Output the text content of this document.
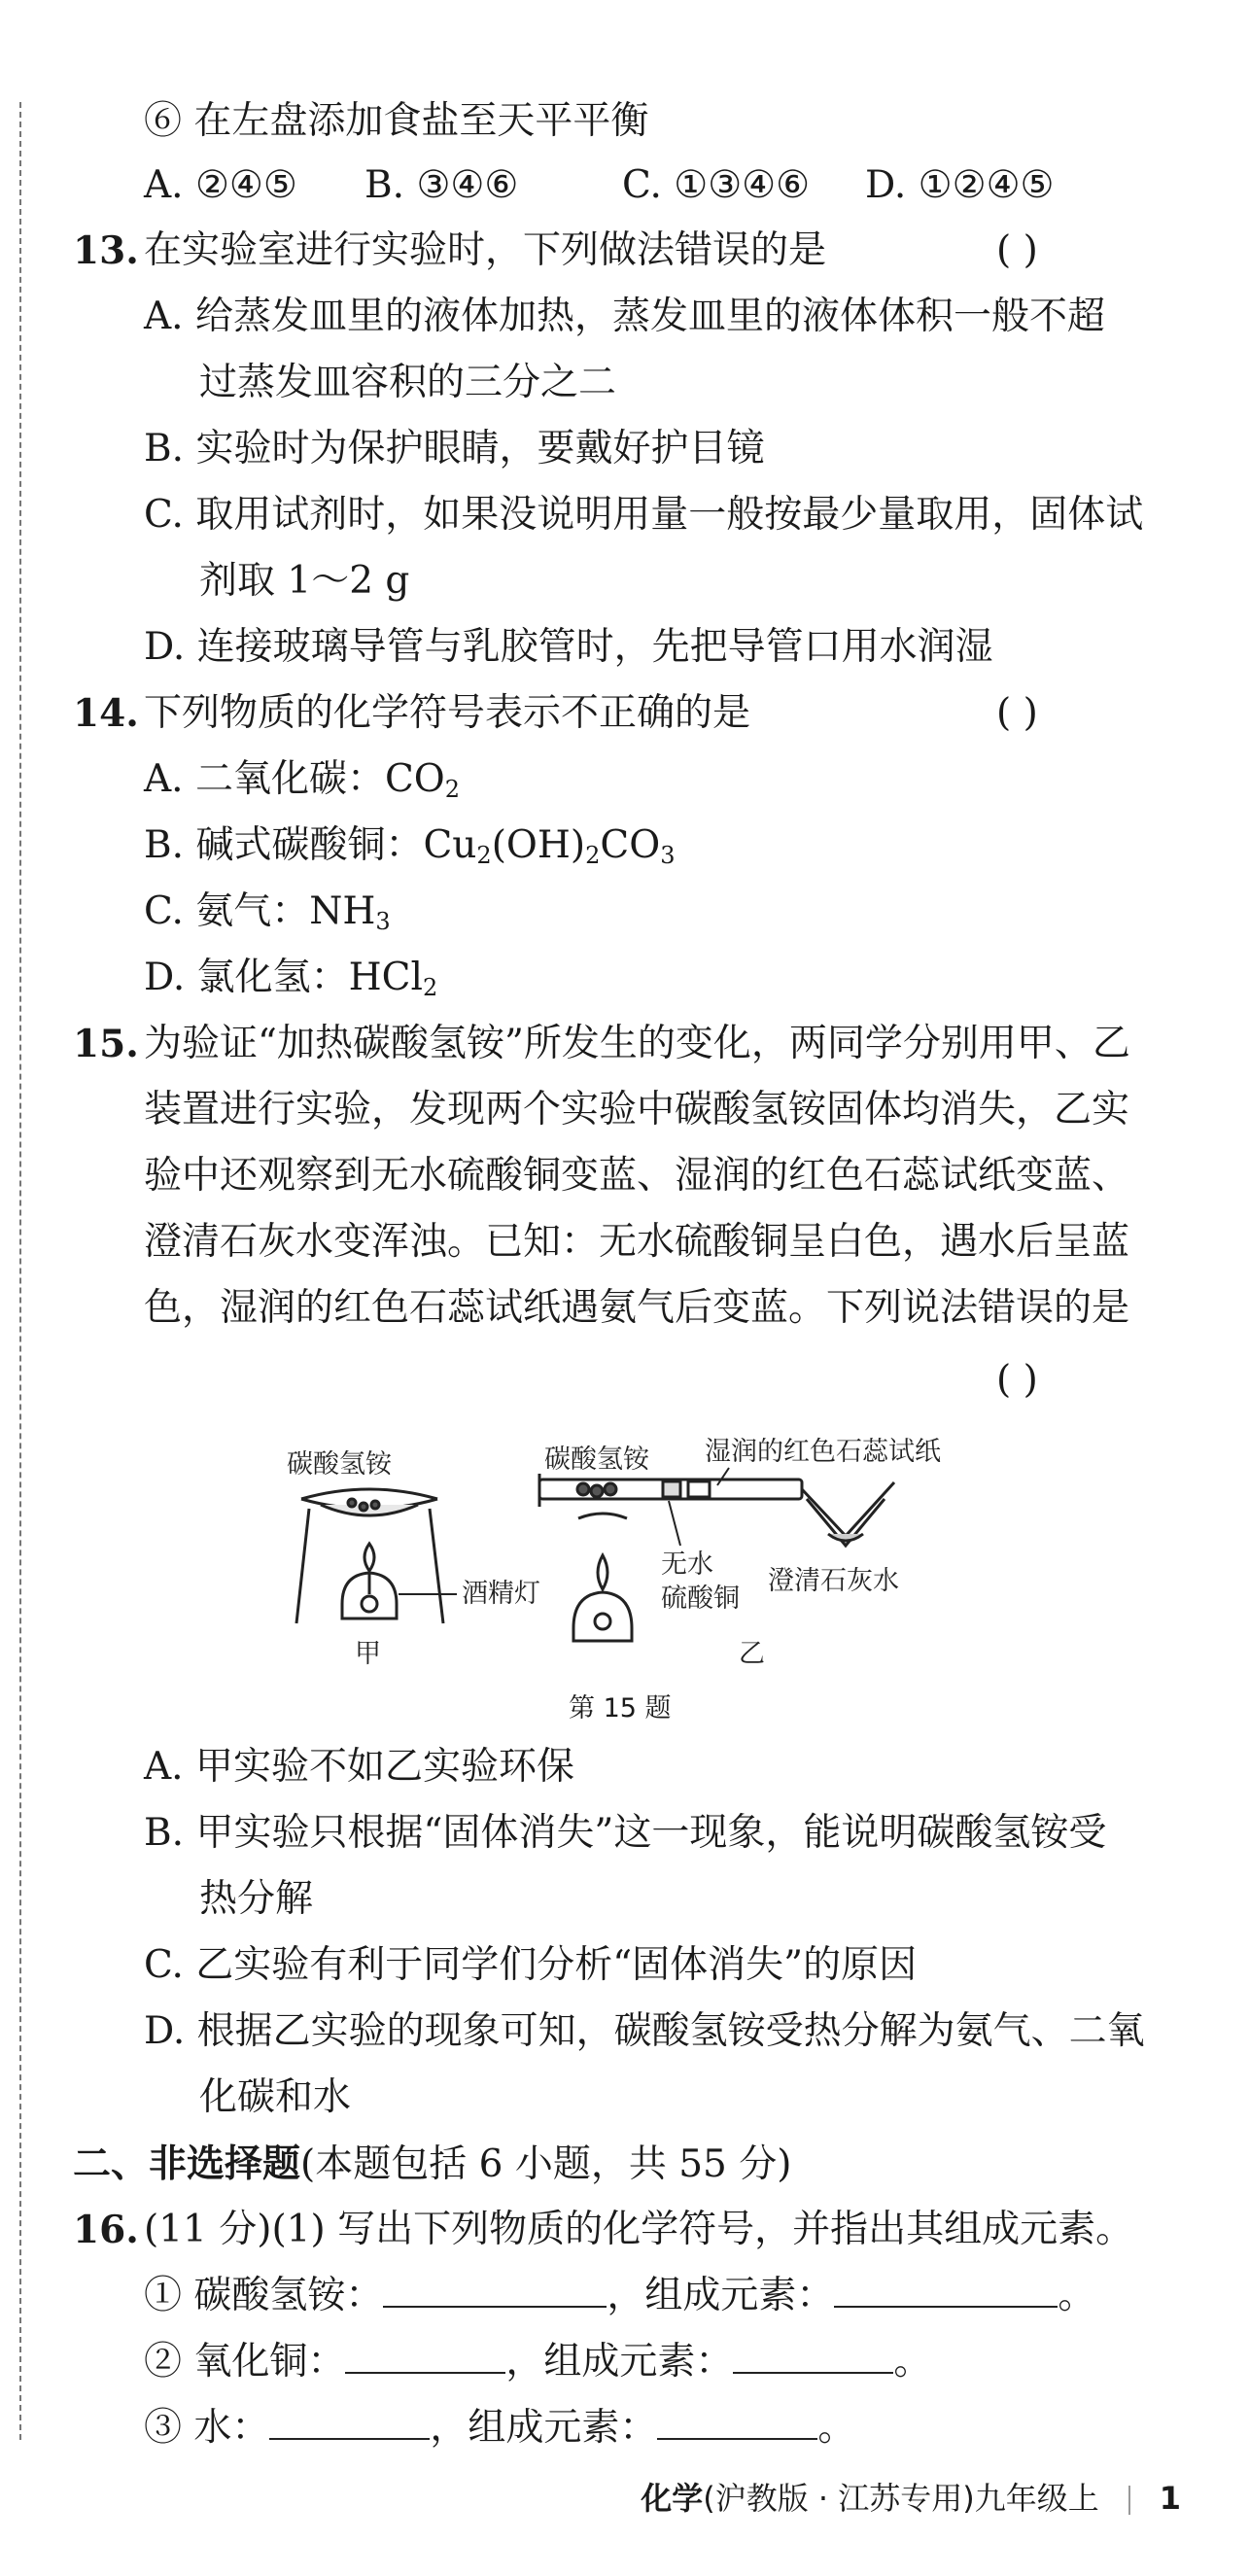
⑥ 在左盘添加食盐至天平平衡
A. ②④⑤ B. ③④⑥	C. ①③④⑥ D. ①②④⑤
13. 在实验室进行实验时，下列做法错误的是	( )
A. 给蒸发皿里的液体加热，蒸发皿里的液体体积一般不超
过蒸发皿容积的三分之二
B. 实验时为保护眼睛，要戴好护目镜
C. 取用试剂时，如果没说明用量一般按最少量取用，固体试
剂取 1～2 g
D. 连接玻璃导管与乳胶管时，先把导管口用水润湿
14. 下列物质的化学符号表示不正确的是	( )
A. 二氧化碳：$CO_2$
B. 碱式碳酸铜：$Cu_2(OH)_2CO_3$
C. 氨气：$NH_3$
D. 氯化氢：HCl$_2$
15. 为验证“加热碳酸氢铵”所发生的变化，两同学分别用甲、乙
装置进行实验，发现两个实验中碳酸氢铵固体均消失，乙实
验中还观察到无水硫酸铜变蓝、湿润的红色石蕊试纸变蓝、
澄清石灰水变浑浊。已知：无水硫酸铜呈白色，遇水后呈蓝
色，湿润的红色石蕊试纸遇氨气后变蓝。下列说法错误的是
( )
碳酸氢铵
酒精灯
甲
碳酸氢铵 湿润的红色石蕊试纸
无水
硫酸铜
澄清石灰水
乙
第 15 题
A. 甲实验不如乙实验环保
B. 甲实验只根据“固体消失”这一现象，能说明碳酸氢铵受
热分解
C. 乙实验有利于同学们分析“固体消失”的原因
D. 根据乙实验的现象可知，碳酸氢铵受热分解为氨气、二氧
化碳和水
二、非选择题(本题包括 6 小题，共 55 分)
16. (11 分)(1) 写出下列物质的化学符号，并指出其组成元素。
① 碳酸氢铵：	，组成元素：	。
② 氧化铜：	，组成元素：	。
③ 水：	，组成元素：	。
化学(沪教版 · 江苏专用)九年级上 1
